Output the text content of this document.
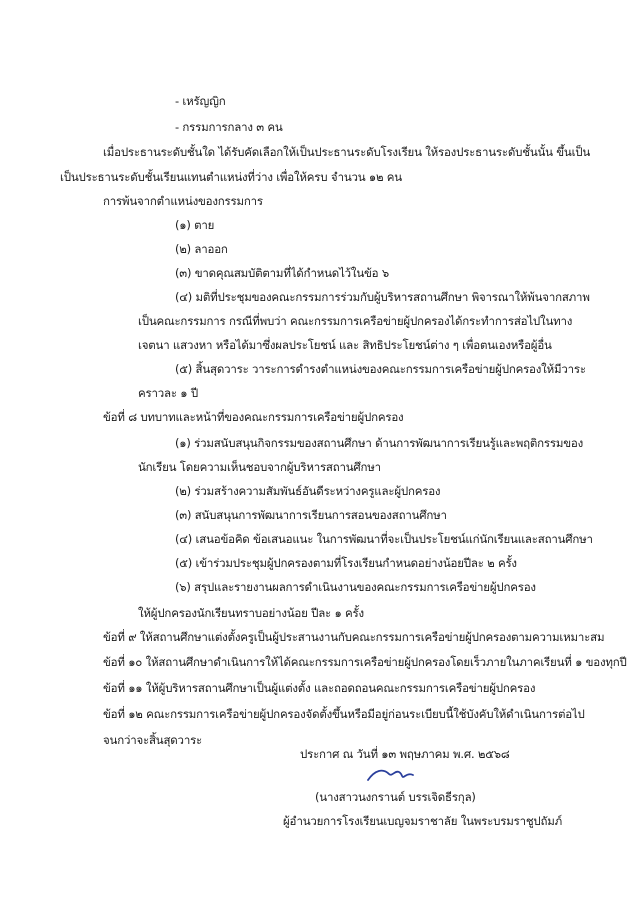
- เหรัญญิก
- กรรมการกลาง ๓ คน
เมื่อประธานระดับชั้นใด ได้รับคัดเลือกให้เป็นประธานระดับโรงเรียน ให้รองประธานระดับชั้นนั้น ขึ้นเป็น
เป็นประธานระดับชั้นเรียนแทนตำแหน่งที่ว่าง เพื่อให้ครบ จำนวน ๑๒ คน
การพ้นจากตำแหน่งของกรรมการ
(๑) ตาย
(๒) ลาออก
(๓) ขาดคุณสมบัติตามที่ได้กำหนดไว้ในข้อ ๖
(๔) มติที่ประชุมของคณะกรรมการร่วมกับผู้บริหารสถานศึกษา พิจารณาให้พ้นจากสภาพ
เป็นคณะกรรมการ กรณีที่พบว่า คณะกรรมการเครือข่ายผู้ปกครองได้กระทำการส่อไปในทาง
เจตนา แสวงหา หรือได้มาซึ่งผลประโยชน์ และ สิทธิประโยชน์ต่าง ๆ เพื่อตนเองหรือผู้อื่น
(๕) สิ้นสุดวาระ วาระการดำรงตำแหน่งของคณะกรรมการเครือข่ายผู้ปกครองให้มีวาระ
คราวละ ๑ ปี
ข้อที่ ๘ บทบาทและหน้าที่ของคณะกรรมการเครือข่ายผู้ปกครอง
(๑) ร่วมสนับสนุนกิจกรรมของสถานศึกษา ด้านการพัฒนาการเรียนรู้และพฤติกรรมของ
นักเรียน โดยความเห็นชอบจากผู้บริหารสถานศึกษา
(๒) ร่วมสร้างความสัมพันธ์อันดีระหว่างครูและผู้ปกครอง
(๓) สนับสนุนการพัฒนาการเรียนการสอนของสถานศึกษา
(๔) เสนอข้อคิด ข้อเสนอแนะ ในการพัฒนาที่จะเป็นประโยชน์แก่นักเรียนและสถานศึกษา
(๕) เข้าร่วมประชุมผู้ปกครองตามที่โรงเรียนกำหนดอย่างน้อยปีละ ๒ ครั้ง
(๖) สรุปและรายงานผลการดำเนินงานของคณะกรรมการเครือข่ายผู้ปกครอง
ให้ผู้ปกครองนักเรียนทราบอย่างน้อย ปีละ ๑ ครั้ง
ข้อที่ ๙ ให้สถานศึกษาแต่งตั้งครูเป็นผู้ประสานงานกับคณะกรรมการเครือข่ายผู้ปกครองตามความเหมาะสม
ข้อที่ ๑๐ ให้สถานศึกษาดำเนินการให้ได้คณะกรรมการเครือข่ายผู้ปกครองโดยเร็วภายในภาคเรียนที่ ๑ ของทุกปี
ข้อที่ ๑๑ ให้ผู้บริหารสถานศึกษาเป็นผู้แต่งตั้ง และถอดถอนคณะกรรมการเครือข่ายผู้ปกครอง
ข้อที่ ๑๒ คณะกรรมการเครือข่ายผู้ปกครองจัดตั้งขึ้นหรือมีอยู่ก่อนระเบียบนี้ใช้บังคับให้ดำเนินการต่อไป
จนกว่าจะสิ้นสุดวาระ
ประกาศ ณ วันที่ ๑๓ พฤษภาคม พ.ศ. ๒๕๖๘
(นางสาวนงกรานต์ บรรเจิดธีรกุล)
ผู้อำนวยการโรงเรียนเบญจมราชาลัย ในพระบรมราชูปถัมภ์
